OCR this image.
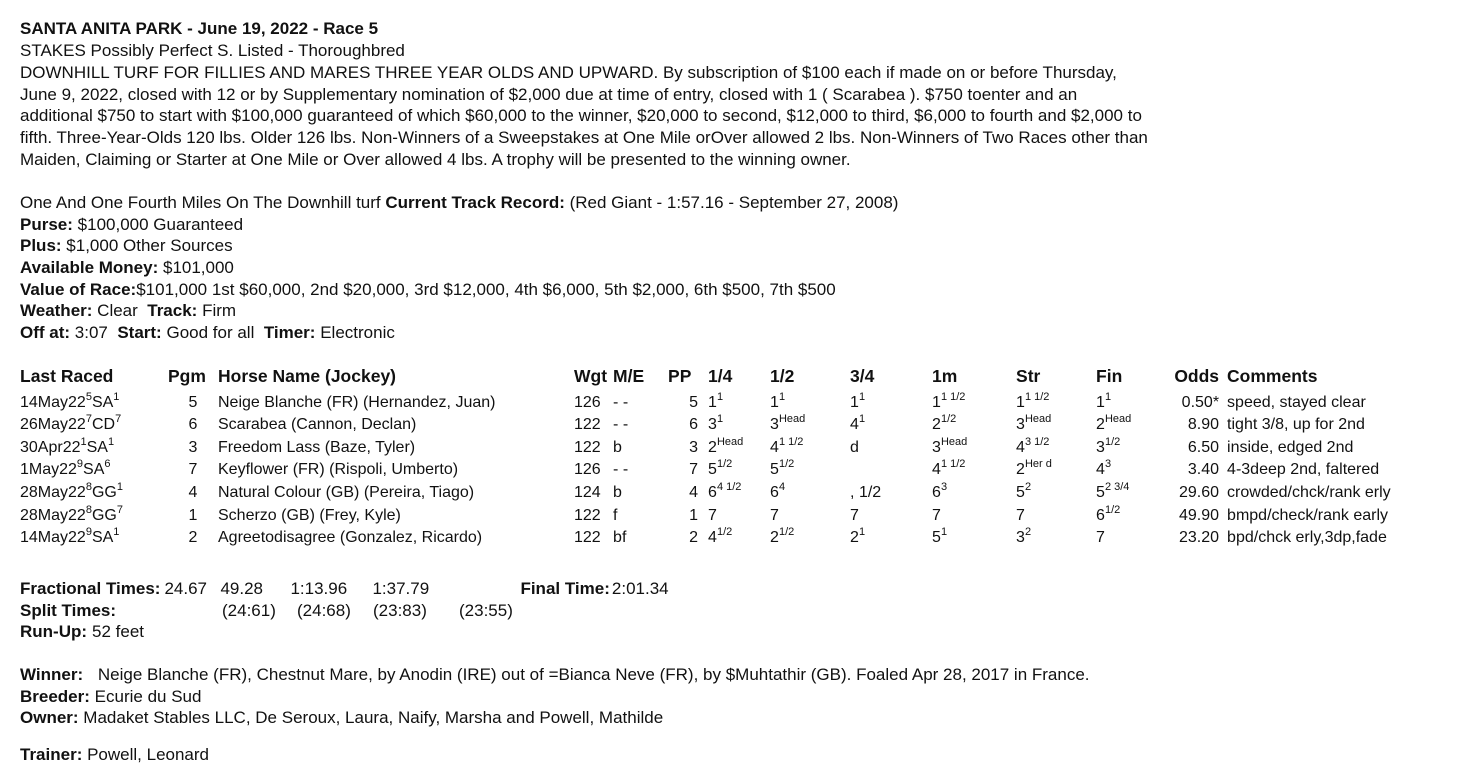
SANTA ANITA PARK - June 19, 2022 - Race 5
STAKES Possibly Perfect S. Listed - Thoroughbred
DOWNHILL TURF FOR FILLIES AND MARES THREE YEAR OLDS AND UPWARD. By subscription of $100 each if made on or before Thursday, June 9, 2022, closed with 12 or by Supplementary nomination of $2,000 due at time of entry, closed with 1 ( Scarabea ). $750 toenter and an additional $750 to start with $100,000 guaranteed of which $60,000 to the winner, $20,000 to second, $12,000 to third, $6,000 to fourth and $2,000 to fifth. Three-Year-Olds 120 lbs. Older 126 lbs. Non-Winners of a Sweepstakes at One Mile orOver allowed 2 lbs. Non-Winners of Two Races other than Maiden, Claiming or Starter at One Mile or Over allowed 4 lbs. A trophy will be presented to the winning owner.
One And One Fourth Miles On The Downhill turf Current Track Record: (Red Giant - 1:57.16 - September 27, 2008)
Purse: $100,000 Guaranteed
Plus: $1,000 Other Sources
Available Money: $101,000
Value of Race:$101,000 1st $60,000, 2nd $20,000, 3rd $12,000, 4th $6,000, 5th $2,000, 6th $500, 7th $500
Weather: Clear Track: Firm
Off at: 3:07 Start: Good for all Timer: Electronic
Last Raced	Pgm	Horse Name (Jockey)	Wgt	M/E	PP	1/4	1/2	3/4	1m	Str	Fin	Odds	Comments
$14May22^5SA^1$	5	Neige Blanche (FR) (Hernandez, Juan)	126	- -	5	$1^1$	$1^1$	$1^1$	$1^{1 1/2}$	$1^{1 1/2}$	$1^1$	0.50*	speed, stayed clear
$26May22^7CD^7$	6	Scarabea (Cannon, Declan)	122	- -	6	$3^1$	$3^{Head}$	$4^1$	$2^{1/2}$	$3^{Head}$	$2^{Head}$	8.90	tight 3/8, up for 2nd
$30Apr22^1SA^1$	3	Freedom Lass (Baze, Tyler)	122	b	3	$2^{Head}$	$4^{1 1/2}$	d	$3^{Head}$	$4^{3 1/2}$	$3^{1/2}$	6.50	inside, edged 2nd
$1May22^9SA^6$	7	Keyflower (FR) (Rispoli, Umberto)	126	- -	7	$5^{1/2}$	$5^{1/2}$		$4^{1 1/2}$	$2^{Her d}$	$4^3$	3.40	4-3deep 2nd, faltered
$28May22^8GG^1$	4	Natural Colour (GB) (Pereira, Tiago)	124	b	4	$6^{4 1/2}$	$6^4$	, 1/2	$6^3$	$5^2$	$5^{2 3/4}$	29.60	crowded/chck/rank erly
$28May22^8GG^7$	1	Scherzo (GB) (Frey, Kyle)	122	f	1	7	7	7	7	7	$6^{1/2}$	49.90	bmpd/check/rank early
$14May22^9SA^1$	2	Agreetodisagree (Gonzalez, Ricardo)	122	bf	2	$4^{1/2}$	$2^{1/2}$	$2^1$	$5^1$	$3^2$	7	23.20	bpd/chck erly,3dp,fade
Fractional Times: 24.67 49.28	1:13.96	1:37.79	Final Time: 2:01.34
Split Times:	(24:61)	(24:68)	(23:83)	(23:55)
Run-Up: 52 feet
Winner: Neige Blanche (FR), Chestnut Mare, by Anodin (IRE) out of =Bianca Neve (FR), by $Muhtathir (GB). Foaled Apr 28, 2017 in France.
Breeder: Ecurie du Sud
Owner: Madaket Stables LLC, De Seroux, Laura, Naify, Marsha and Powell, Mathilde
Trainer: Powell, Leonard
